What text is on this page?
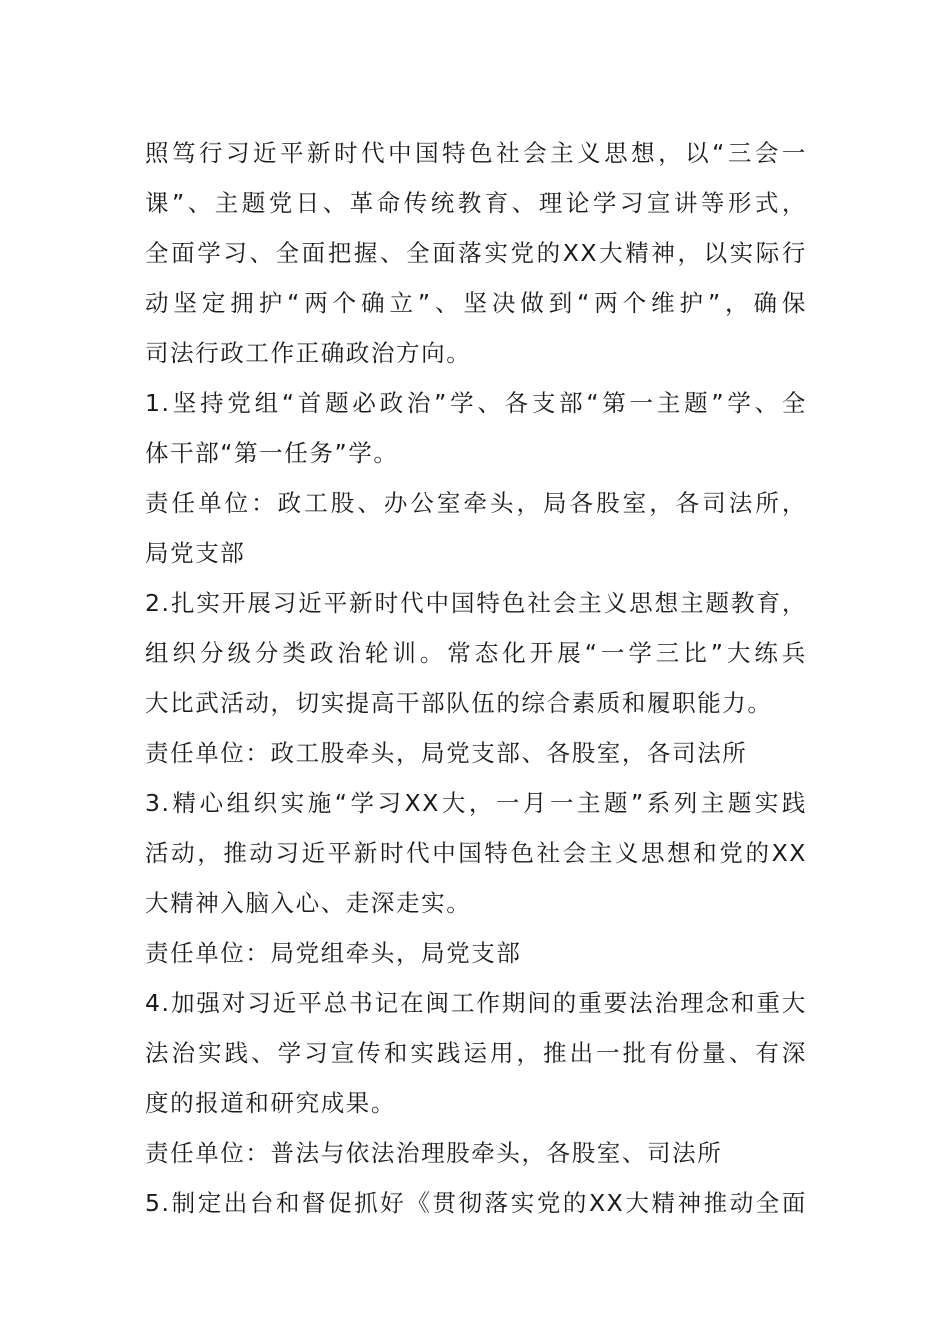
照笃行习近平新时代中国特色社会主义思想，以“三会一
课”、主题党日、革命传统教育、理论学习宣讲等形式，
全面学习、全面把握、全面落实党的XX大精神，以实际行
动坚定拥护“两个确立”、坚决做到“两个维护”，确保
司法行政工作正确政治方向。
1.坚持党组“首题必政治”学、各支部“第一主题”学、全
体干部“第一任务”学。
责任单位：政工股、办公室牵头，局各股室，各司法所，
局党支部
2.扎实开展习近平新时代中国特色社会主义思想主题教育，
组织分级分类政治轮训。常态化开展“一学三比”大练兵
大比武活动，切实提高干部队伍的综合素质和履职能力。
责任单位：政工股牵头，局党支部、各股室，各司法所
3.精心组织实施“学习XX大，一月一主题”系列主题实践
活动，推动习近平新时代中国特色社会主义思想和党的XX
大精神入脑入心、走深走实。
责任单位：局党组牵头，局党支部
4.加强对习近平总书记在闽工作期间的重要法治理念和重大
法治实践、学习宣传和实践运用，推出一批有份量、有深
度的报道和研究成果。
责任单位：普法与依法治理股牵头，各股室、司法所
5.制定出台和督促抓好《贯彻落实党的XX大精神推动全面
